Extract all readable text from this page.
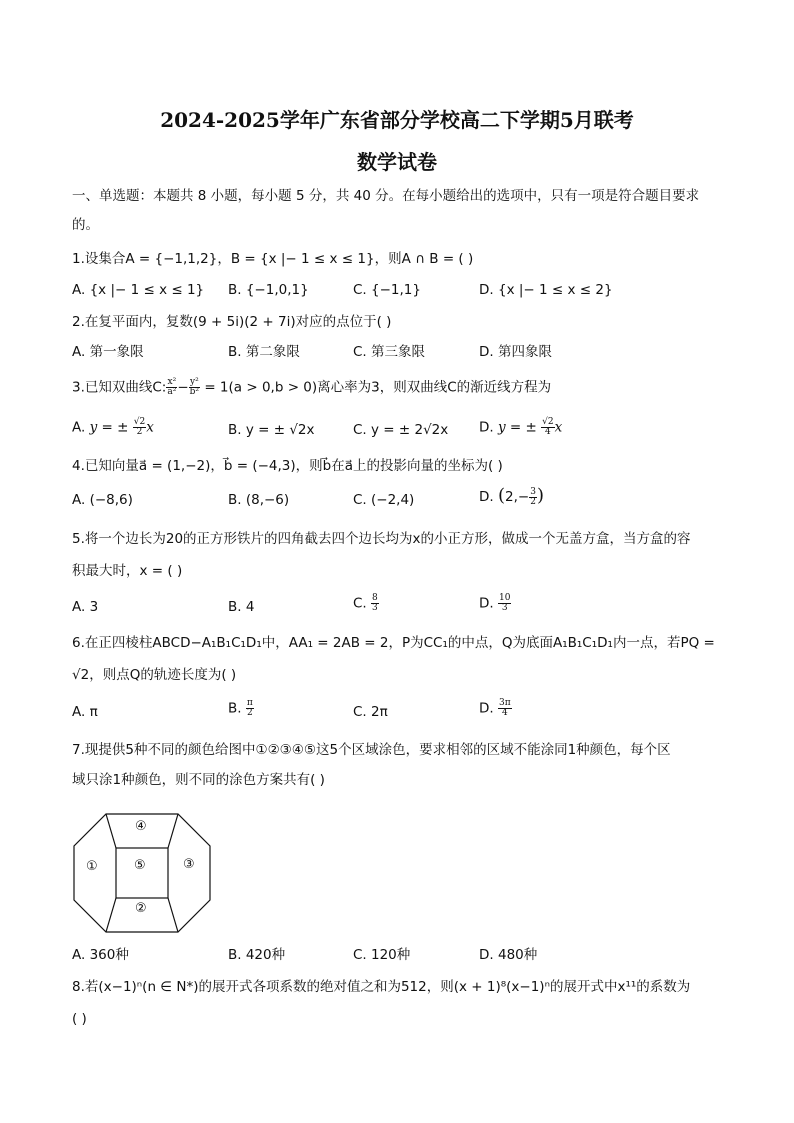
2024-2025学年广东省部分学校高二下学期5月联考
数学试卷
一、单选题：本题共 8 小题，每小题 5 分，共 40 分。在每小题给出的选项中，只有一项是符合题目要求
的。
1.设集合A = {−1,1,2}，B = {x |− 1 ≤ x ≤ 1}，则A ∩ B = ( )
A. {x |− 1 ≤ x ≤ 1} B. {−1,0,1}	C. {−1,1}	D. {x |− 1 ≤ x ≤ 2}
2.在复平面内，复数(9 + 5i)(2 + 7i)对应的点位于( )
A. 第一象限	B. 第二象限	C. 第三象限	D. 第四象限
3.已知双曲线C: $\frac{\text{x²}}{\text{a²}} - \frac{\text{y²}}{\text{b²}} = 1(a > 0,b > 0)$离心率为3，则双曲线C的渐近线方程为
A. y = ± $\frac{√2}{2}$ x	B. y = ± √2x	C. y = ± 2√2x D. y = ± $\frac{√2}{4}$ x
4.已知向量a⃗ = (1,−2)，b⃗ = (−4,3)，则b⃗在a⃗上的投影向量的坐标为( )
A. (−8,6)	B. (8,−6)	C. (−2,4)	D. ($2,- \frac{3}{2}$ )
5.将一个边长为20的正方形铁片的四角截去四个边长均为x的小正方形，做成一个无盖方盒，当方盒的容
积最大时，x = ( )
A. 3	B. 4	C. $\frac{8}{3}$	D. $\frac{10}{3}$
6.在正四棱柱ABCD−A₁B₁C₁D₁中，AA₁ = 2AB = 2，P为CC₁的中点，Q为底面A₁B₁C₁D₁内一点，若PQ =
√2，则点Q的轨迹长度为( )
A. π	B. $\frac{\pi}{2}$	C. 2π	D. $\frac{3\pi}{4}$
7.现提供5种不同的颜色给图中①②③④⑤这5个区域涂色，要求相邻的区域不能涂同1种颜色，每个区
域只涂1种颜色，则不同的涂色方案共有( )
①
②
③
④
⑤
A. 360种	B. 420种	C. 120种	D. 480种
8.若(x−1)ⁿ(n ∈ N*)的展开式各项系数的绝对值之和为512，则(x + 1)⁸(x−1)ⁿ的展开式中x¹¹的系数为
( )
